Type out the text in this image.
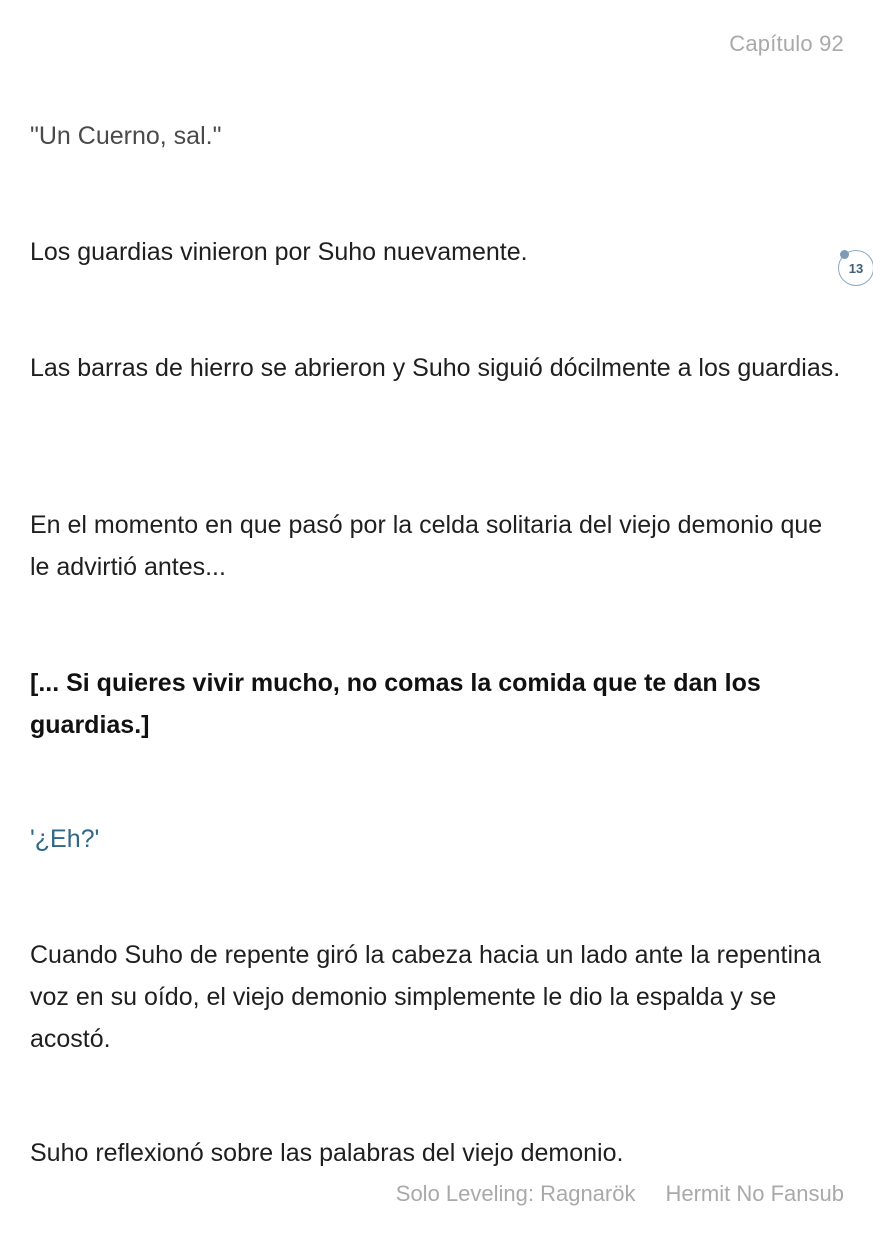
Capítulo 92

"Un Cuerno, sal."

Los guardias vinieron por Suho nuevamente.

13

Las barras de hierro se abrieron y Suho siguió dócilmente a los guardias.

En el momento en que pasó por la celda solitaria del viejo demonio que le advirtió antes...

[... Si quieres vivir mucho, no comas la comida que te dan los guardias.]

'¿Eh?'

Cuando Suho de repente giró la cabeza hacia un lado ante la repentina voz en su oído, el viejo demonio simplemente le dio la espalda y se acostó.

Suho reflexionó sobre las palabras del viejo demonio.

Solo Leveling: Ragnarök Hermit No Fansub
